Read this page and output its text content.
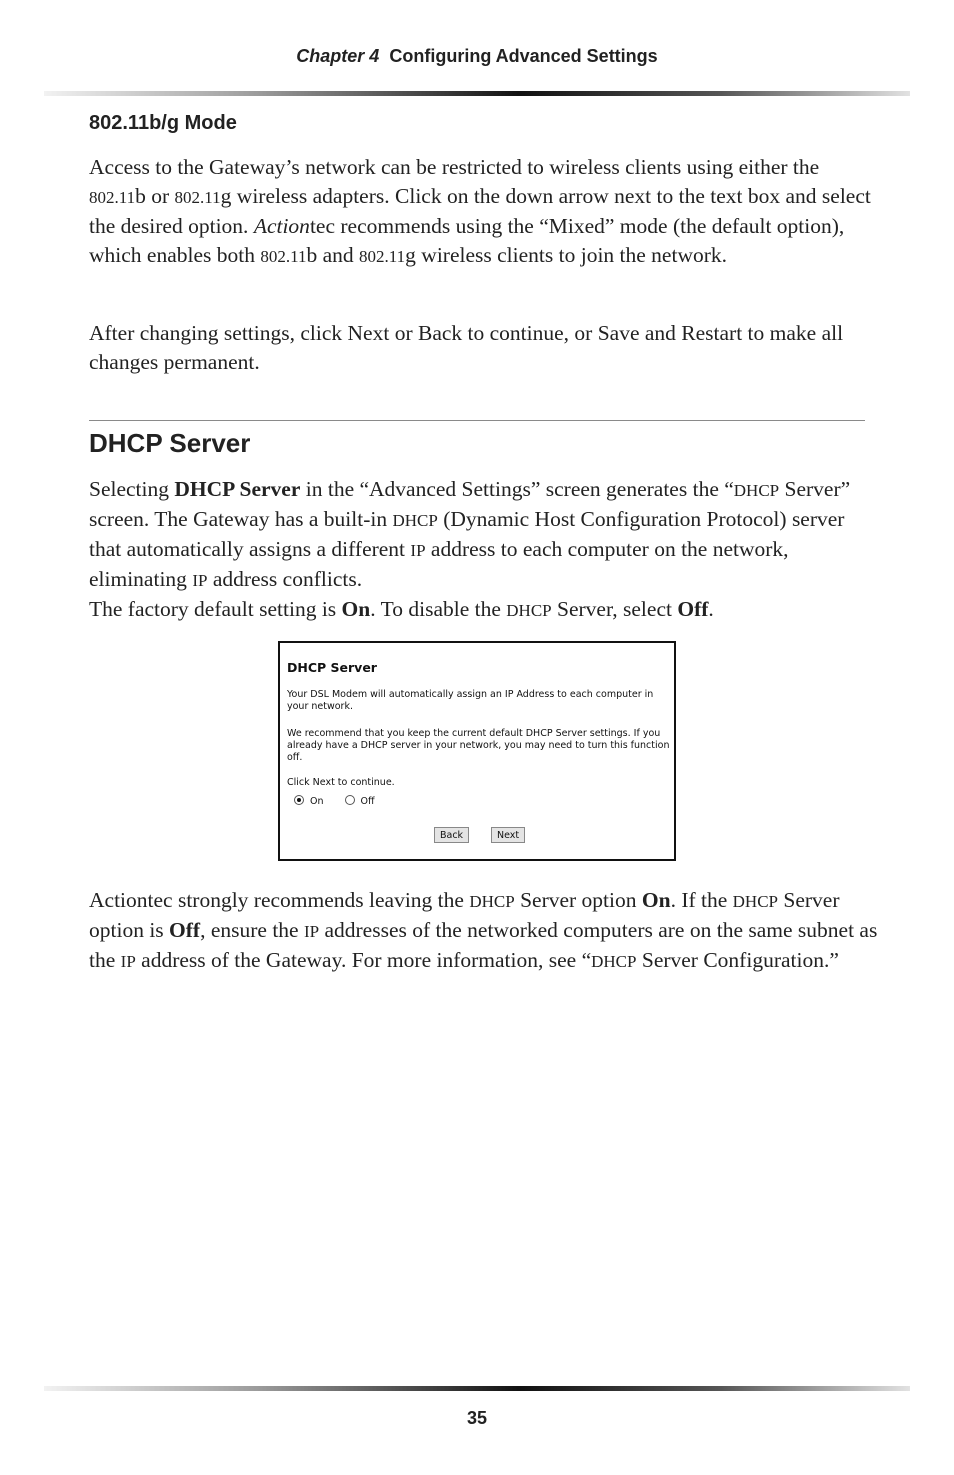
Chapter 4 Configuring Advanced Settings
802.11b/g Mode

Access to the Gateway’s network can be restricted to wireless clients using either the 802.11b or 802.11g wireless adapters. Click on the down arrow next to the text box and select the desired option. Actiontec recommends using the “Mixed” mode (the default option), which enables both 802.11b and 802.11g wireless clients to join the network.

After changing settings, click Next or Back to continue, or Save and Restart to make all changes permanent.

DHCP Server

Selecting DHCP Server in the “Advanced Settings” screen generates the “DHCP Server” screen. The Gateway has a built-in DHCP (Dynamic Host Configuration Protocol) server that automatically assigns a different IP address to each computer on the network, eliminating IP address conflicts.
The factory default setting is On. To disable the DHCP Server, select Off.

DHCP Server
Your DSL Modem will automatically assign an IP Address to each computer in your network.
We recommend that you keep the current default DHCP Server settings. If you already have a DHCP server in your network, you may need to turn this function off.
Click Next to continue.
On	Off
Back	Next

Actiontec strongly recommends leaving the DHCP Server option On. If the DHCP Server option is Off, ensure the IP addresses of the networked computers are on the same subnet as the IP address of the Gateway. For more information, see “DHCP Server Configuration.”

35
